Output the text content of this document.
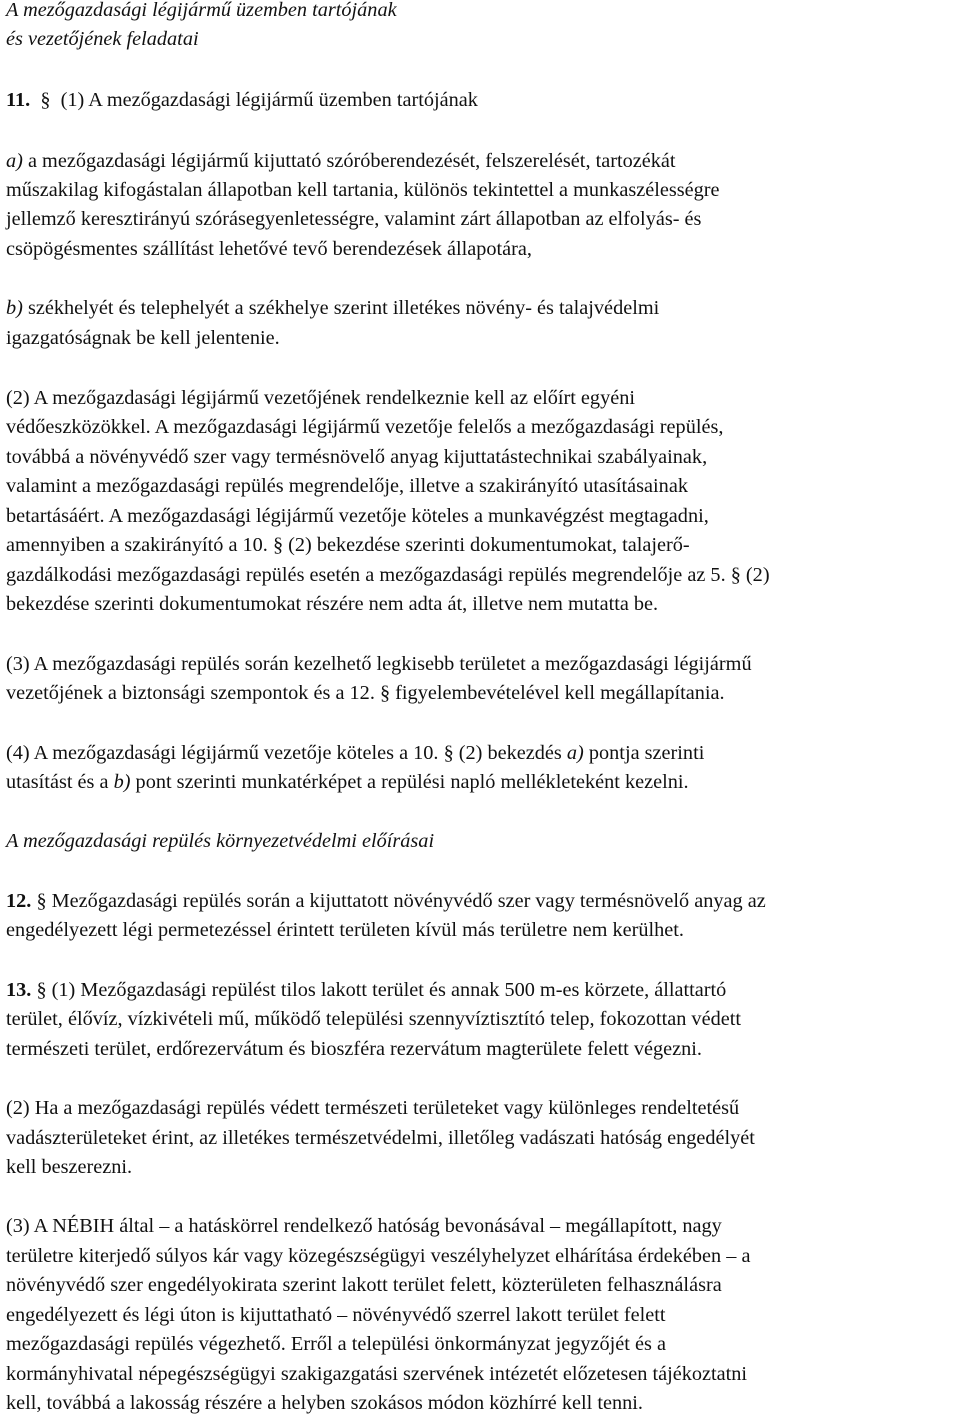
A mezőgazdasági légijármű üzemben tartójának
és vezetőjének feladatai
11. § (1) A mezőgazdasági légijármű üzemben tartójának
a) a mezőgazdasági légijármű kijuttató szóróberendezését, felszerelését, tartozékát
műszakilag kifogástalan állapotban kell tartania, különös tekintettel a munkaszélességre
jellemző keresztirányú szórásegyenletességre, valamint zárt állapotban az elfolyás- és
csöpögésmentes szállítást lehetővé tevő berendezések állapotára,
b) székhelyét és telephelyét a székhelye szerint illetékes növény- és talajvédelmi
igazgatóságnak be kell jelentenie.
(2) A mezőgazdasági légijármű vezetőjének rendelkeznie kell az előírt egyéni
védőeszközökkel. A mezőgazdasági légijármű vezetője felelős a mezőgazdasági repülés,
továbbá a növényvédő szer vagy termésnövelő anyag kijuttatástechnikai szabályainak,
valamint a mezőgazdasági repülés megrendelője, illetve a szakirányító utasításainak
betartásáért. A mezőgazdasági légijármű vezetője köteles a munkavégzést megtagadni,
amennyiben a szakirányító a 10. § (2) bekezdése szerinti dokumentumokat, talajerő-
gazdálkodási mezőgazdasági repülés esetén a mezőgazdasági repülés megrendelője az 5. § (2)
bekezdése szerinti dokumentumokat részére nem adta át, illetve nem mutatta be.
(3) A mezőgazdasági repülés során kezelhető legkisebb területet a mezőgazdasági légijármű
vezetőjének a biztonsági szempontok és a 12. § figyelembevételével kell megállapítania.
(4) A mezőgazdasági légijármű vezetője köteles a 10. § (2) bekezdés a) pontja szerinti
utasítást és a b) pont szerinti munkatérképet a repülési napló mellékleteként kezelni.
A mezőgazdasági repülés környezetvédelmi előírásai
12. § Mezőgazdasági repülés során a kijuttatott növényvédő szer vagy termésnövelő anyag az
engedélyezett légi permetezéssel érintett területen kívül más területre nem kerülhet.
13. § (1) Mezőgazdasági repülést tilos lakott terület és annak 500 m-es körzete, állattartó
terület, élővíz, vízkivételi mű, működő települési szennyvíztisztító telep, fokozottan védett
természeti terület, erdőrezervátum és bioszféra rezervátum magterülete felett végezni.
(2) Ha a mezőgazdasági repülés védett természeti területeket vagy különleges rendeltetésű
vadászterületeket érint, az illetékes természetvédelmi, illetőleg vadászati hatóság engedélyét
kell beszerezni.
(3) A NÉBIH által – a hatáskörrel rendelkező hatóság bevonásával – megállapított, nagy
területre kiterjedő súlyos kár vagy közegészségügyi veszélyhelyzet elhárítása érdekében – a
növényvédő szer engedélyokirata szerint lakott terület felett, közterületen felhasználásra
engedélyezett és légi úton is kijuttatható – növényvédő szerrel lakott terület felett
mezőgazdasági repülés végezhető. Erről a települési önkormányzat jegyzőjét és a
kormányhivatal népegészségügyi szakigazgatási szervének intézetét előzetesen tájékoztatni
kell, továbbá a lakosság részére a helyben szokásos módon közhírré kell tenni.
